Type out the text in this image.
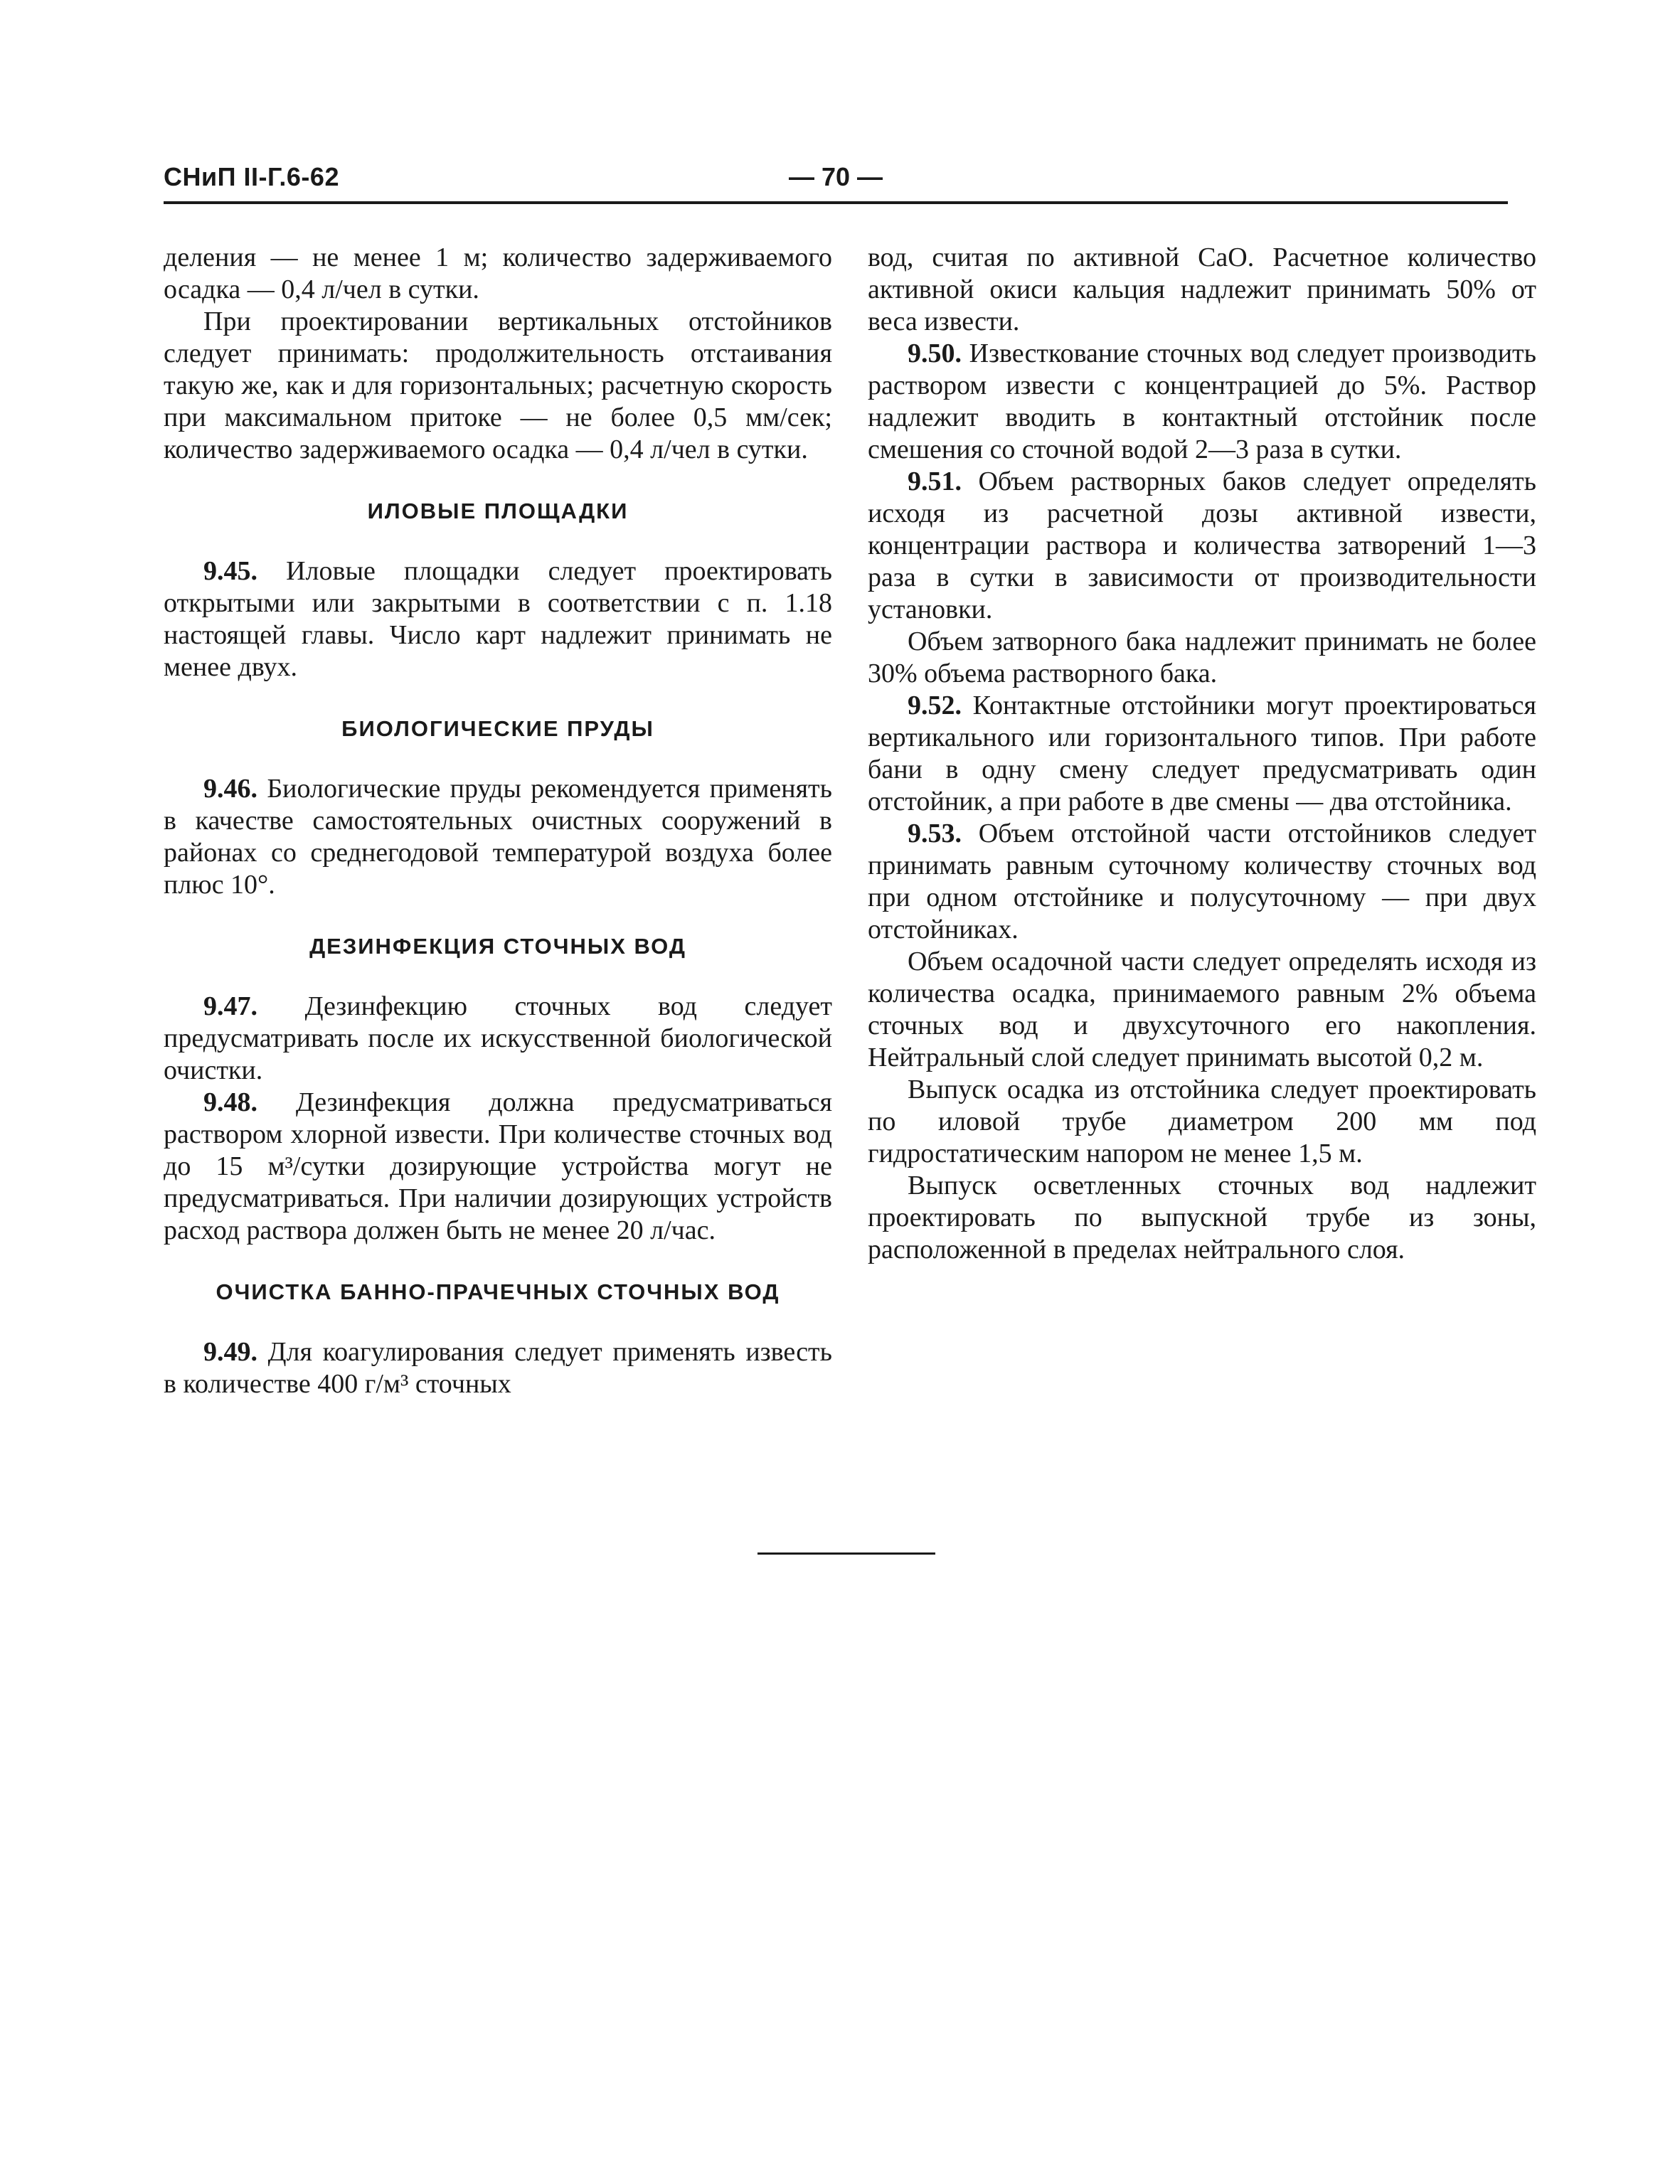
СНиП II-Г.6-62	— 70 —

деления — не менее 1 м; количество задерживаемого осадка — 0,4 л/чел в сутки.

При проектировании вертикальных отстойников следует принимать: продолжительность отстаивания такую же, как и для горизонтальных; расчетную скорость при максимальном притоке — не более 0,5 мм/сек; количество задерживаемого осадка — 0,4 л/чел в сутки.

ИЛОВЫЕ ПЛОЩАДКИ

9.45. Иловые площадки следует проектировать открытыми или закрытыми в соответствии с п. 1.18 настоящей главы. Число карт надлежит принимать не менее двух.

БИОЛОГИЧЕСКИЕ ПРУДЫ

9.46. Биологические пруды рекомендуется применять в качестве самостоятельных очистных сооружений в районах со среднегодовой температурой воздуха более плюс 10°.

ДЕЗИНФЕКЦИЯ СТОЧНЫХ ВОД

9.47. Дезинфекцию сточных вод следует предусматривать после их искусственной биологической очистки.

9.48. Дезинфекция должна предусматриваться раствором хлорной извести. При количестве сточных вод до 15 м³/сутки дозирующие устройства могут не предусматриваться. При наличии дозирующих устройств расход раствора должен быть не менее 20 л/час.

ОЧИСТКА БАННО-ПРАЧЕЧНЫХ СТОЧНЫХ ВОД

9.49. Для коагулирования следует применять известь в количестве 400 г/м³ сточных

вод, считая по активной CaO. Расчетное количество активной окиси кальция надлежит принимать 50% от веса извести.

9.50. Известкование сточных вод следует производить раствором извести с концентрацией до 5%. Раствор надлежит вводить в контактный отстойник после смешения со сточной водой 2—3 раза в сутки.

9.51. Объем растворных баков следует определять исходя из расчетной дозы активной извести, концентрации раствора и количества затворений 1—3 раза в сутки в зависимости от производительности установки.

Объем затворного бака надлежит принимать не более 30% объема растворного бака.

9.52. Контактные отстойники могут проектироваться вертикального или горизонтального типов. При работе бани в одну смену следует предусматривать один отстойник, а при работе в две смены — два отстойника.

9.53. Объем отстойной части отстойников следует принимать равным суточному количеству сточных вод при одном отстойнике и полусуточному — при двух отстойниках.

Объем осадочной части следует определять исходя из количества осадка, принимаемого равным 2% объема сточных вод и двухсуточного его накопления. Нейтральный слой следует принимать высотой 0,2 м.

Выпуск осадка из отстойника следует проектировать по иловой трубе диаметром 200 мм под гидростатическим напором не менее 1,5 м.

Выпуск осветленных сточных вод надлежит проектировать по выпускной трубе из зоны, расположенной в пределах нейтрального слоя.
